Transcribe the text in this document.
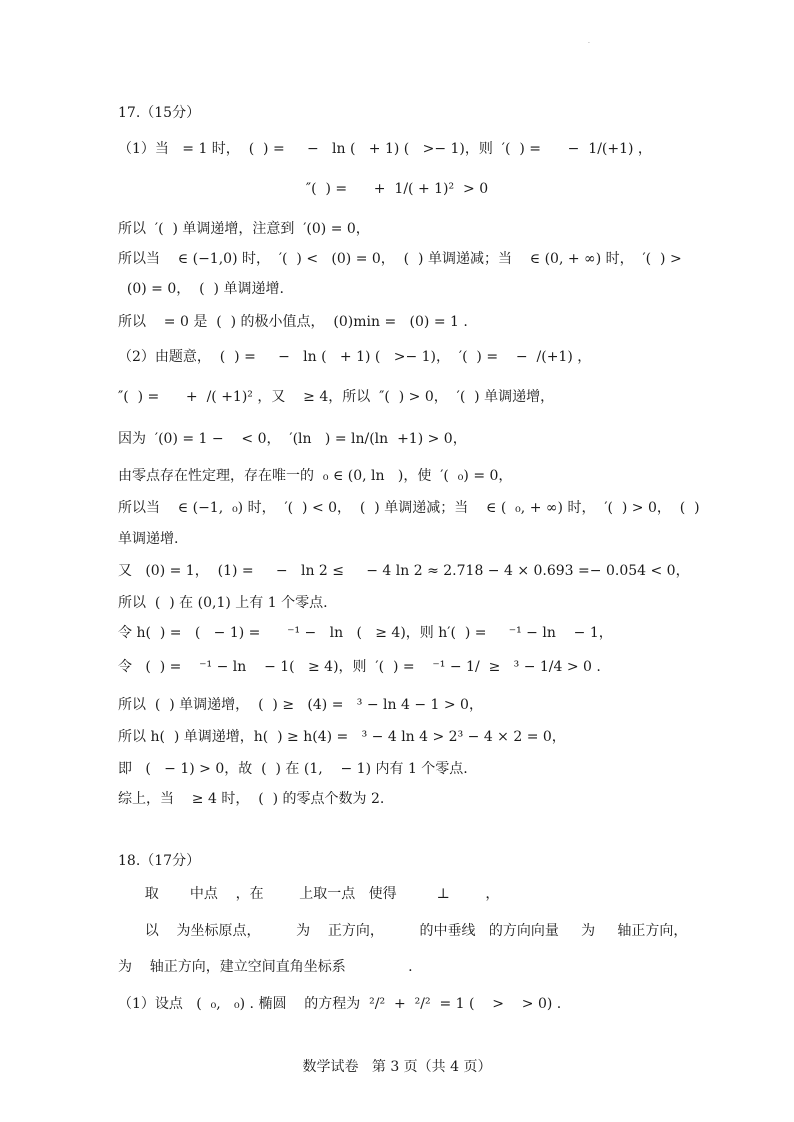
·
17.（15分）
（1）当   = 1 时，  (  ) =     −   ln (   + 1) (   >− 1)，则  ′(  ) =      −  1/(+1) ，
″(  ) =      +  1/( + 1)²  > 0
所以  ′(  ) 单调递增，注意到  ′(0) = 0，
所以当    ∈ (−1,0) 时，  ′(  ) <   (0) = 0，  (  ) 单调递减；当    ∈ (0, + ∞) 时，  ′(  ) >
(0) = 0，  (  ) 单调递增.
所以    = 0 是  (  ) 的极小值点，  (0)min =   (0) = 1 .
（2）由题意，  (  ) =     −   ln (   + 1) (   >− 1)，  ′(  ) =    −  /(+1) ，
″(  ) =      +  /( +1)² ，又    ≥ 4，所以  ″(  ) > 0，  ′(  ) 单调递增，
因为  ′(0) = 1 −    < 0，  ′(ln   ) = ln/(ln  +1) > 0，
由零点存在性定理，存在唯一的  ₀ ∈ (0, ln   )，使  ′(  ₀) = 0，
所以当    ∈ (−1,  ₀) 时，  ′(  ) < 0，  (  ) 单调递减；当    ∈ (  ₀, + ∞) 时，  ′(  ) > 0，  (  )
单调递增.
又   (0) = 1，  (1) =     −   ln 2 ≤     − 4 ln 2 ≈ 2.718 − 4 × 0.693 =− 0.054 < 0，
所以  (  ) 在 (0,1) 上有 1 个零点.
令 h(  ) =   (   − 1) =      ⁻¹ −   ln   (   ≥ 4)，则 h′(  ) =     ⁻¹ − ln    − 1，
令   (  ) =    ⁻¹ − ln    − 1(   ≥ 4)，则  ′(  ) =    ⁻¹ − 1/  ≥   ³ − 1/4 > 0 .
所以  (  ) 单调递增，  (  ) ≥   (4) =   ³ − ln 4 − 1 > 0，
所以 h(  ) 单调递增，h(  ) ≥ h(4) =   ³ − 4 ln 4 > 2³ − 4 × 2 = 0，
即   (   − 1) > 0，故  (  ) 在 (1,    − 1) 内有 1 个零点.
综上，当    ≥ 4 时，  (  ) 的零点个数为 2.
18.（17分）
取       中点    ，在        上取一点   使得         ⊥        ，
以    为坐标原点，        为    正方向，        的中垂线   的方向向量     为     轴正方向，
为    轴正方向，建立空间直角坐标系              .
（1）设点   (  ₀,   ₀) . 椭圆    的方程为  ²/²  +  ²/²  = 1 (    >    > 0) .
数学试卷   第 3 页（共 4 页）
